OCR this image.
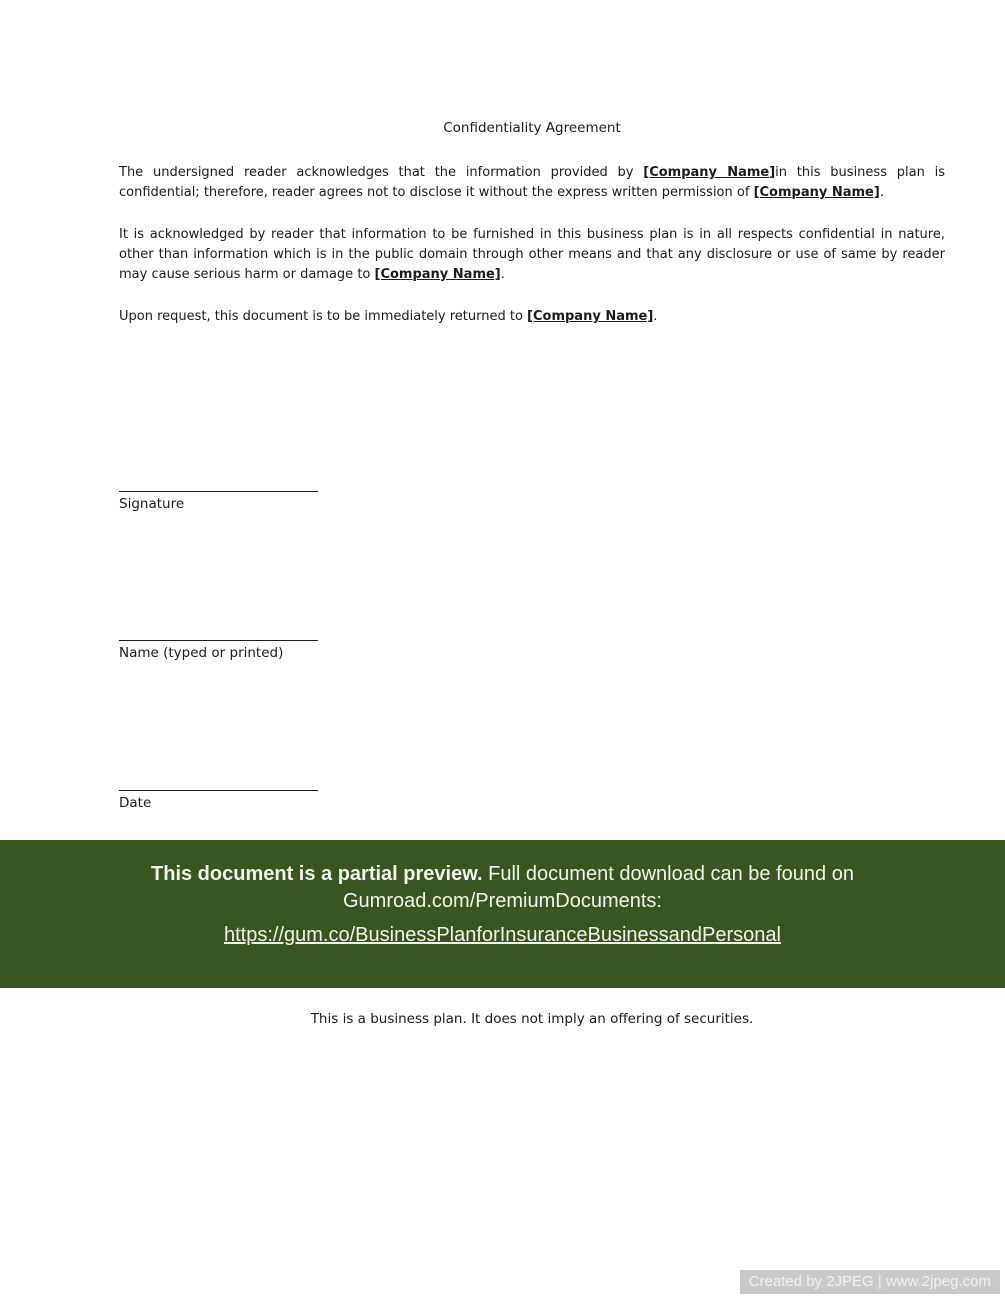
Confidentiality Agreement

The undersigned reader acknowledges that the information provided by [Company Name]in this business plan is confidential; therefore, reader agrees not to disclose it without the express written permission of [Company Name].

It is acknowledged by reader that information to be furnished in this business plan is in all respects confidential in nature, other than information which is in the public domain through other means and that any disclosure or use of same by reader may cause serious harm or damage to [Company Name].

Upon request, this document is to be immediately returned to [Company Name].

Signature
Name (typed or printed)
Date

This document is a partial preview. Full document download can be found on Gumroad.com/PremiumDocuments:

https://gum.co/BusinessPlanforInsuranceBusinessandPersonal

This is a business plan. It does not imply an offering of securities.
Created by 2JPEG | www.2jpeg.com
